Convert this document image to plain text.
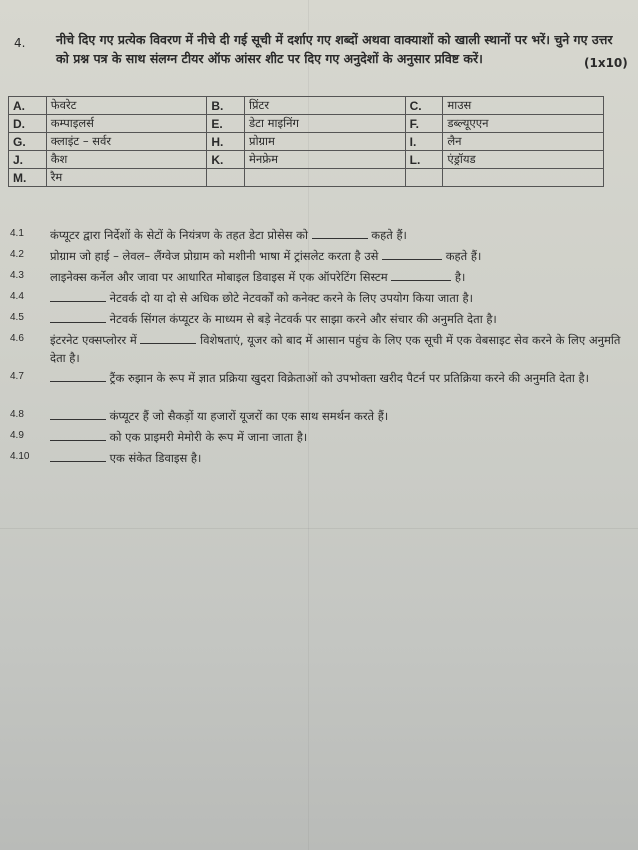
4. नीचे दिए गए प्रत्येक विवरण में नीचे दी गई सूची में दर्शाए गए शब्दों अथवा वाक्याशों को खाली स्थानों पर भरें। चुने गए उत्तर को प्रश्न पत्र के साथ संलग्न टीयर ऑफ आंसर शीट पर दिए गए अनुदेशों के अनुसार प्रविष्ट करें।	(1x10)
A.	फेवरेट	B.	प्रिंटर	C.	माउस
D.	कम्पाइलर्स	E.	डेटा माइनिंग	F.	डब्ल्यूएएन
G.	क्लाइंट – सर्वर	H.	प्रोग्राम	I.	लैन
J.	कैश	K.	मेनफ्रेम	L.	एंड्रॉयड
M.	रैम				
4.1 कंप्यूटर द्वारा निर्देशों के सेटों के नियंत्रण के तहत डेटा प्रोसेस को	कहते हैं।
4.2 प्रोग्राम जो हाई – लेवल– लैंग्वेज प्रोग्राम को मशीनी भाषा में ट्रांसलेट करता है उसे	कहते हैं।
4.3 लाइनेक्स कर्नेल और जावा पर आधारित मोबाइल डिवाइस में एक ऑपरेटिंग सिस्टम	है।
4.4	नेटवर्क दो या दो से अधिक छोटे नेटवर्कों को कनेक्ट करने के लिए उपयोग किया जाता है।
4.5	नेटवर्क सिंगल कंप्यूटर के माध्यम से बड़े नेटवर्क पर साझा करने और संचार की अनुमति देता है।
4.6 इंटरनेट एक्सप्लोरर में	विशेषताएं, यूजर को बाद में आसान पहुंच के लिए एक सूची में एक वेबसाइट सेव करने के लिए अनुमति देता है।
4.7	ट्रैंक रुझान के रूप में ज्ञात प्रक्रिया खुदरा विक्रेताओं को उपभोक्ता खरीद पैटर्न पर प्रतिक्रिया करने की अनुमति देता है।
4.8	कंप्यूटर हैं जो सैकड़ों या हजारों यूजरों का एक साथ समर्थन करते हैं।
4.9	को एक प्राइमरी मेमोरी के रूप में जाना जाता है।
4.10	एक संकेत डिवाइस है।
